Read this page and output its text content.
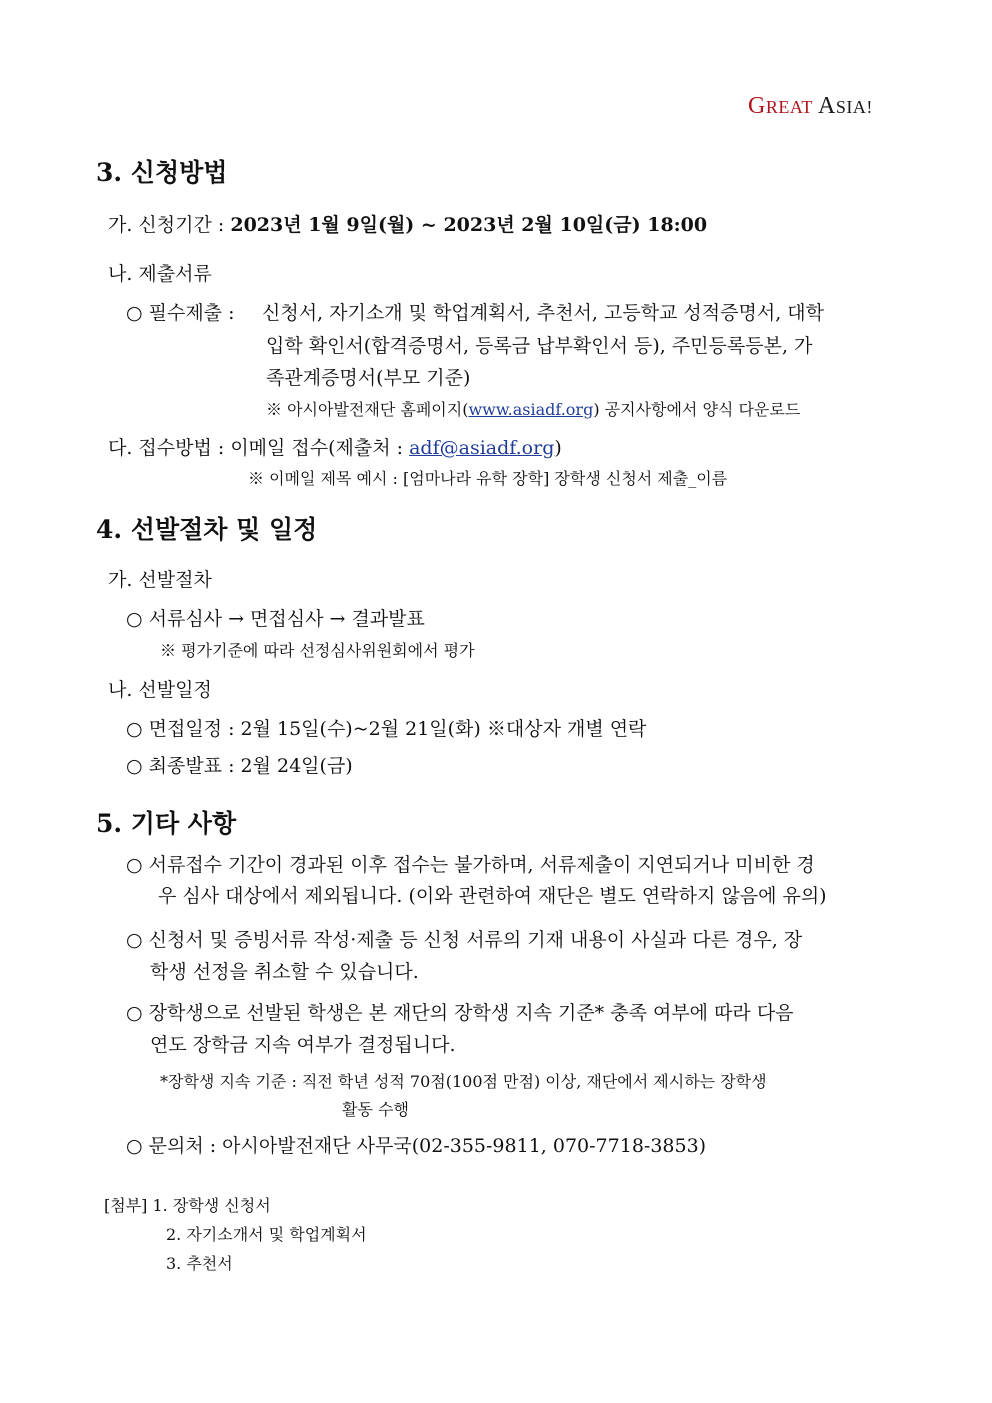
GREAT ASIA!
3. 신청방법
가. 신청기간 : 2023년 1월 9일(월) ~ 2023년 2월 10일(금) 18:00
나. 제출서류
○ 필수제출 : 신청서, 자기소개 및 학업계획서, 추천서, 고등학교 성적증명서, 대학
입학 확인서(합격증명서, 등록금 납부확인서 등), 주민등록등본, 가
족관계증명서(부모 기준)
※ 아시아발전재단 홈페이지(www.asiadf.org) 공지사항에서 양식 다운로드
다. 접수방법 : 이메일 접수(제출처 : adf@asiadf.org)
※ 이메일 제목 예시 : [엄마나라 유학 장학] 장학생 신청서 제출_이름
4. 선발절차 및 일정
가. 선발절차
○ 서류심사 → 면접심사 → 결과발표
※ 평가기준에 따라 선정심사위원회에서 평가
나. 선발일정
○ 면접일정 : 2월 15일(수)~2월 21일(화) ※대상자 개별 연락
○ 최종발표 : 2월 24일(금)
5. 기타 사항
○ 서류접수 기간이 경과된 이후 접수는 불가하며, 서류제출이 지연되거나 미비한 경
우 심사 대상에서 제외됩니다. (이와 관련하여 재단은 별도 연락하지 않음에 유의)
○ 신청서 및 증빙서류 작성·제출 등 신청 서류의 기재 내용이 사실과 다른 경우, 장
학생 선정을 취소할 수 있습니다.
○ 장학생으로 선발된 학생은 본 재단의 장학생 지속 기준* 충족 여부에 따라 다음
연도 장학금 지속 여부가 결정됩니다.
*장학생 지속 기준 : 직전 학년 성적 70점(100점 만점) 이상, 재단에서 제시하는 장학생
활동 수행
○ 문의처 : 아시아발전재단 사무국(02-355-9811, 070-7718-3853)
[첨부] 1. 장학생 신청서
2. 자기소개서 및 학업계획서
3. 추천서
